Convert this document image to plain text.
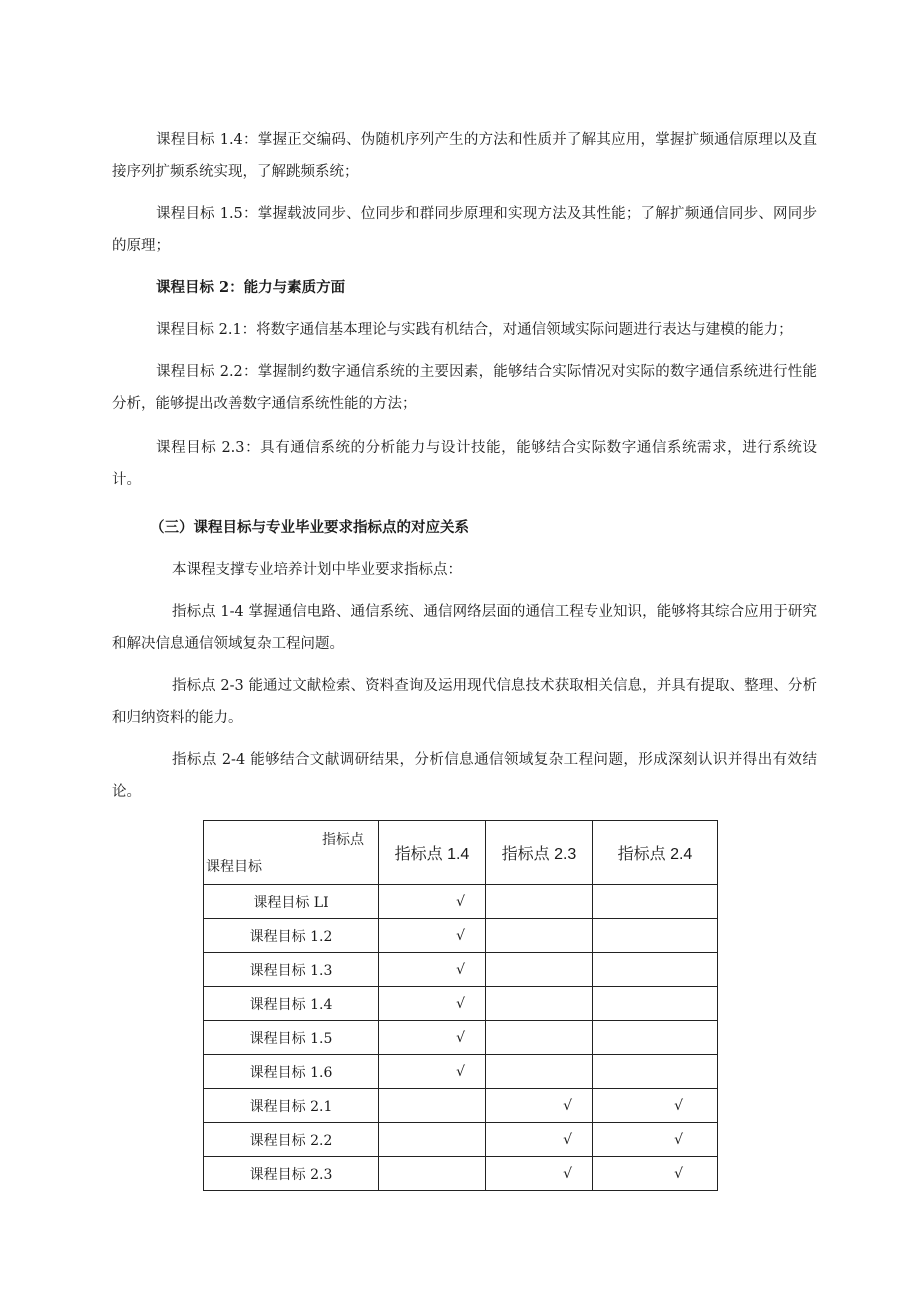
课程目标 1.4：掌握正交编码、伪随机序列产生的方法和性质并了解其应用，掌握扩频通信原理以及直接序列扩频系统实现，了解跳频系统；

课程目标 1.5：掌握载波同步、位同步和群同步原理和实现方法及其性能；了解扩频通信同步、网同步的原理；

课程目标 2：能力与素质方面

课程目标 2.1：将数字通信基本理论与实践有机结合，对通信领域实际问题进行表达与建模的能力；

课程目标 2.2：掌握制约数字通信系统的主要因素，能够结合实际情况对实际的数字通信系统进行性能分析，能够提出改善数字通信系统性能的方法；

课程目标 2.3：具有通信系统的分析能力与设计技能，能够结合实际数字通信系统需求，进行系统设计。

（三）课程目标与专业毕业要求指标点的对应关系

本课程支撑专业培养计划中毕业要求指标点：

指标点 1-4 掌握通信电路、通信系统、通信网络层面的通信工程专业知识，能够将其综合应用于研究和解决信息通信领域复杂工程问题。

指标点 2-3 能通过文献检索、资料查询及运用现代信息技术获取相关信息，并具有提取、整理、分析和归纳资料的能力。

指标点 2-4 能够结合文献调研结果，分析信息通信领域复杂工程问题，形成深刻认识并得出有效结论。

指标点
课程目标	指标点 1.4	指标点 2.3	指标点 2.4
课程目标 LI	√		
课程目标 1.2	√		
课程目标 1.3	√		
课程目标 1.4	√		
课程目标 1.5	√		
课程目标 1.6	√		
课程目标 2.1		√	√
课程目标 2.2		√	√
课程目标 2.3		√	√
